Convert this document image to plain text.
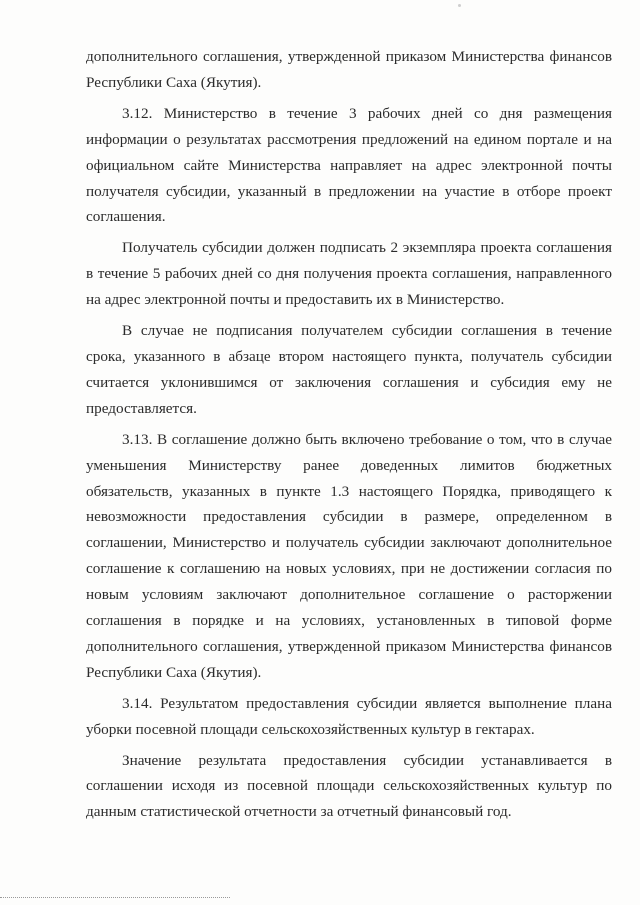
дополнительного соглашения, утвержденной приказом Министерства финансов Республики Саха (Якутия).

3.12. Министерство в течение 3 рабочих дней со дня размещения информации о результатах рассмотрения предложений на едином портале и на официальном сайте Министерства направляет на адрес электронной почты получателя субсидии, указанный в предложении на участие в отборе проект соглашения.

Получатель субсидии должен подписать 2 экземпляра проекта соглашения в течение 5 рабочих дней со дня получения проекта соглашения, направленного на адрес электронной почты и предоставить их в Министерство.

В случае не подписания получателем субсидии соглашения в течение срока, указанного в абзаце втором настоящего пункта, получатель субсидии считается уклонившимся от заключения соглашения и субсидия ему не предоставляется.

3.13. В соглашение должно быть включено требование о том, что в случае уменьшения Министерству ранее доведенных лимитов бюджетных обязательств, указанных в пункте 1.3 настоящего Порядка, приводящего к невозможности предоставления субсидии в размере, определенном в соглашении, Министерство и получатель субсидии заключают дополнительное соглашение к соглашению на новых условиях, при не достижении согласия по новым условиям заключают дополнительное соглашение о расторжении соглашения в порядке и на условиях, установленных в типовой форме дополнительного соглашения, утвержденной приказом Министерства финансов Республики Саха (Якутия).

3.14. Результатом предоставления субсидии является выполнение плана уборки посевной площади сельскохозяйственных культур в гектарах.

Значение результата предоставления субсидии устанавливается в соглашении исходя из посевной площади сельскохозяйственных культур по данным статистической отчетности за отчетный финансовый год.
